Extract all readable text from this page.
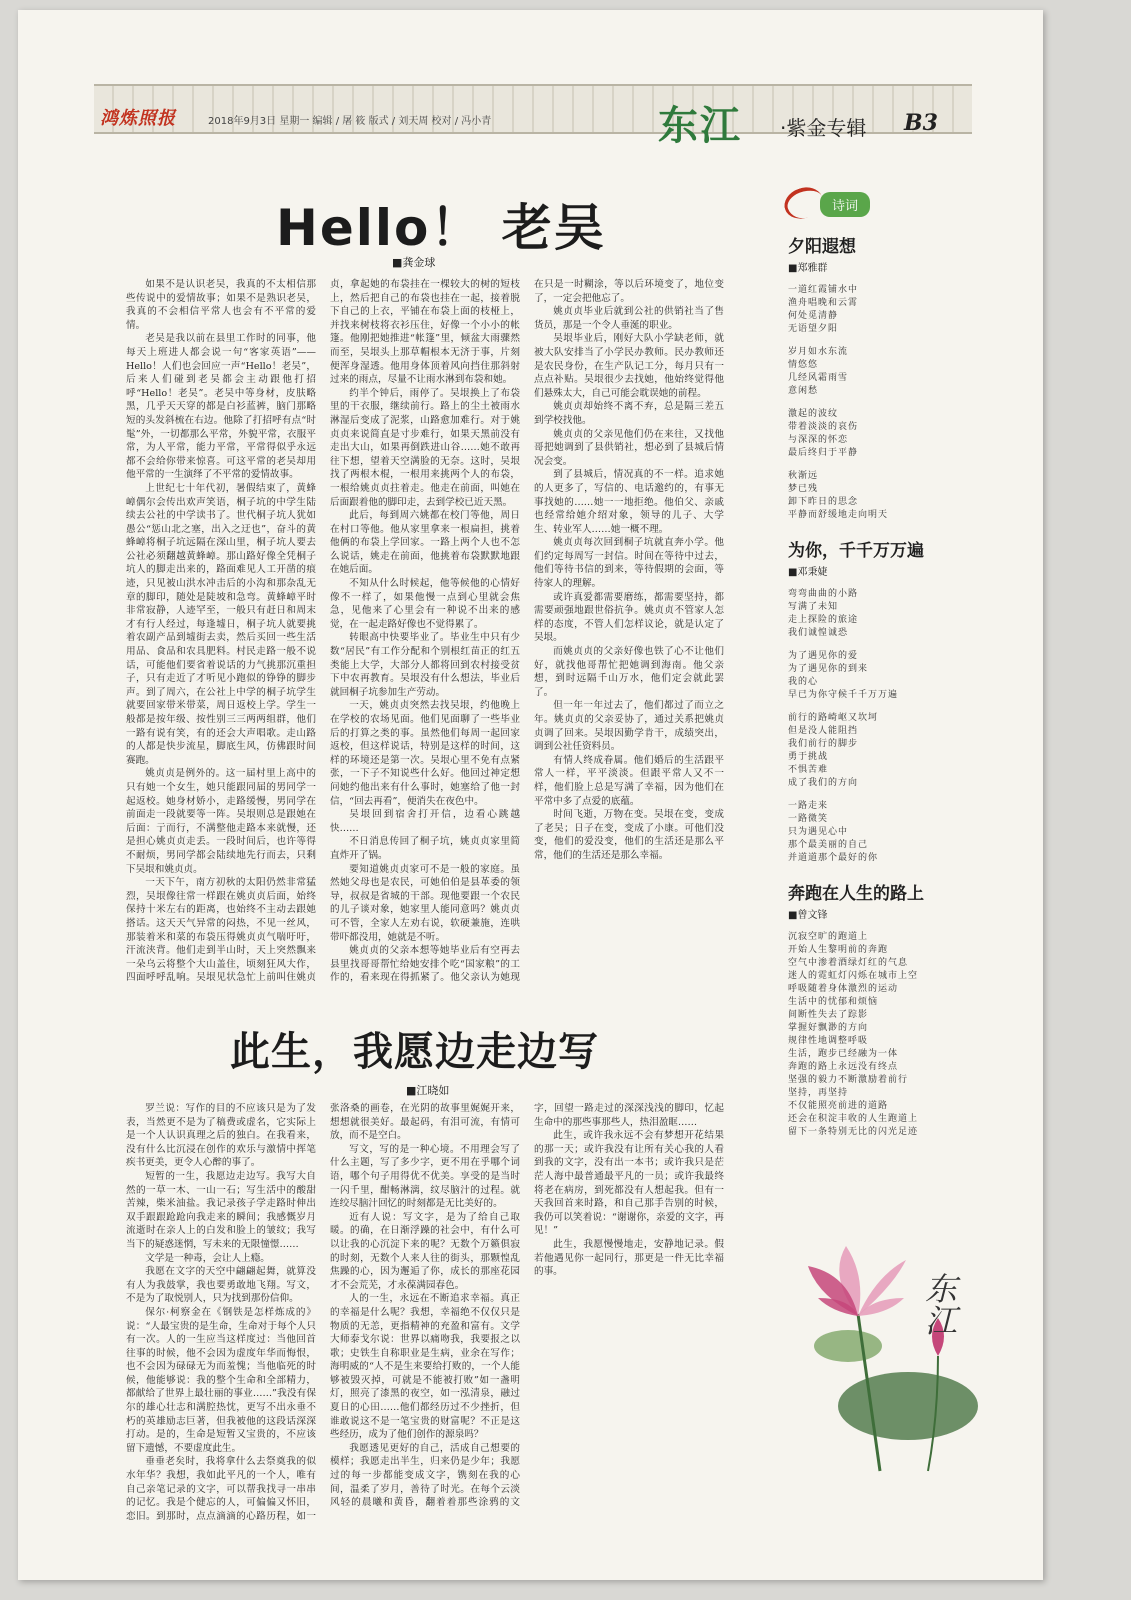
鸿炼照报	2018年9月3日 星期一 编辑 / 屠 筱 版式 / 刘天周 校对 / 冯小青	东江 ·紫金专辑 B3
诗词
Hello！ 老吴
■龚金球

如果不是认识老吴，我真的不太相信那些传说中的爱情故事；如果不是熟识老吴，我真的不会相信平常人也会有不平常的爱情。

老吴是我以前在县里工作时的同事，他每天上班进人都会说一句“客家英语”——Hello！人们也会回应一声“Hello！老吴”，后来人们碰到老吴都会主动跟他打招呼“Hello！老吴”。老吴中等身材，皮肤略黑，几乎天天穿的都是白衫蓝裤，脑门那略短的头发斜梳在右边。他除了打招呼有点“时髦”外，一切都那么平常，外貌平常，衣服平常，为人平常，能力平常，平常得似乎永远都不会给你带来惊喜。可这平常的老吴却用他平常的一生演绎了不平常的爱情故事。

上世纪七十年代初，暑假结束了，黄蜂嶂偶尔会传出欢声笑语，桐子坑的中学生陆续去公社的中学读书了。世代桐子坑人犹如愚公“惩山北之塞，出入之迂也”，奋斗的黄蜂嶂将桐子坑远隔在深山里，桐子坑人要去公社必须翻越黄蜂嶂。那山路好像全凭桐子坑人的脚走出来的，路面难见人工开凿的痕迹，只见被山洪水冲击后的小沟和那杂乱无章的脚印，随处是陡坡和急弯。黄蜂嶂平时非常寂静，人迹罕至，一般只有赶日和周末才有行人经过，每逢墟日，桐子坑人就要挑着农副产品到墟街去卖，然后买回一些生活用品、食品和农具肥料。村民走路一般不说话，可能他们要省着说话的力气挑那沉重担子，只有走近了才听见小跑似的铮铮的脚步声。到了周六，在公社上中学的桐子坑学生就要回家带米带菜，周日返校上学。学生一般都是按年级、按性别三三两两组群，他们一路有说有笑，有的还会大声唱歌。走山路的人都是快步流星，脚底生风，仿佛跟时间赛跑。

姚贞贞是例外的。这一届村里上高中的只有她一个女生，她只能跟同届的男同学一起返校。她身材娇小，走路缓慢，男同学在前面走一段就要等一阵。吴垠则总是跟她在后面：亍而行，不满整他走路本来就慢，还是担心姚贞贞走丢。一段时间后，也许等得不耐烦，男同学都会陆续地先行而去，只剩下吴垠和姚贞贞。

一天下午，南方初秋的太阳仍然非常猛烈，吴垠像往常一样跟在姚贞贞后面，始终保持十米左右的距离，也始终不主动去跟她搭话。这天天气异常的闷热，不见一丝风，那装着米和菜的布袋压得姚贞贞气喘吁吁，汗流浃背。他们走到半山时，天上突然飘来一朵乌云将整个大山盖住，顷刻狂风大作，四面呼呼乱响。吴垠见状急忙上前叫住姚贞贞，拿起她的布袋挂在一棵较大的树的短枝上，然后把自己的布袋也挂在一起，接着脱下自己的上衣，平铺在布袋上面的枝桠上，并找来树枝将衣衫压住，好像一个小小的帐篷。他刚把她推进“帐篷”里，倾盆大雨骤然而至，吴垠头上那草帽根本无济于事，片刻便浑身湿透。他用身体顶着风向挡住那斜射过来的雨点，尽量不让雨水淋到布袋和她。

约半个钟后，雨停了。吴垠换上了布袋里的干衣服，继续前行。路上的尘土被雨水淋湿后变成了泥浆，山路愈加难行。对于姚贞贞来说简直是寸步难行，如果天黑前没有走出大山，如果再倒跌进山谷……她不敢再往下想，望着天空满脸的无奈。这时，吴垠找了两根木棍，一根用来挑两个人的布袋，一根给姚贞贞拄着走。他走在前面，叫她在后面跟着他的脚印走，去到学校已近天黑。

此后，每到周六姚都在校门等他，周日在村口等他。他从家里拿来一根扁担，挑着他俩的布袋上学回家。一路上两个人也不怎么说话，姚走在前面，他挑着布袋默默地跟在她后面。

不知从什么时候起，他等候他的心情好像不一样了，如果他慢一点到心里就会焦急，见他来了心里会有一种说不出来的感觉，在一起走路好像也不觉得累了。

转眼高中快要毕业了。毕业生中只有少数“居民”有工作分配和个别根红苗正的红五类能上大学，大部分人都将回到农村接受贫下中农再教育。吴垠没有什么想法，毕业后就回桐子坑参加生产劳动。

一天，姚贞贞突然去找吴垠，约他晚上在学校的农场见面。他们见面聊了一些毕业后的打算之类的事。虽然他们每周一起回家返校，但这样说话，特别是这样的时间，这样的环境还是第一次。吴垠心里不免有点紧张，一下子不知说些什么好。他回过神定想问她约他出来有什么事时，她塞给了他一封信，“回去再看”，便消失在夜色中。

吴垠回到宿舍打开信，边看心跳越快……

不日消息传回了桐子坑，姚贞贞家里简直炸开了锅。

要知道姚贞贞家可不是一般的家庭。虽然她父母也是农民，可她伯伯是县革委的领导，叔叔是省城的干部。现他要跟一个农民的儿子谈对象，她家里人能同意吗？姚贞贞可不管，全家人左劝右说，软硬兼施，连哄带吓都没用，她就是不听。

姚贞贞的父亲本想等她毕业后有空再去县里找哥哥帮忙给她安排个吃“国家粮”的工作的，看来现在得抓紧了。他父亲认为她现在只是一时糊涂，等以后环境变了，地位变了，一定会把他忘了。

姚贞贞毕业后就到公社的供销社当了售货员，那是一个令人垂涎的职业。

吴垠毕业后，刚好大队小学缺老师，就被大队安排当了小学民办教师。民办教师还是农民身份，在生产队记工分，每月只有一点点补贴。吴垠很少去找她，他始终觉得他们悬殊太大，自己可能会耽误她的前程。

姚贞贞却始终不离不弃，总是隔三差五到学校找他。

姚贞贞的父亲见他们仍在来往，又找他哥把她调到了县供销社，想必到了县城后情况会变。

到了县城后，情况真的不一样。追求她的人更多了，写信的、电话邀约的，有事无事找她的……她一一地拒绝。他伯父、亲戚也经常给她介绍对象，领导的儿子、大学生、转业军人……她一概不理。

姚贞贞每次回到桐子坑就直奔小学。他们约定每周写一封信。时间在等待中过去，他们等待书信的到来，等待假期的会面，等待家人的理解。

或许真爱都需要磨练，都需要坚持，都需要顽强地跟世俗抗争。姚贞贞不管家人怎样的态度，不管人们怎样议论，就是认定了吴垠。

而姚贞贞的父亲好像也铁了心不让他们好，就找他哥帮忙把她调到海南。他父亲想，到时远隔千山万水，他们定会就此罢了。

但一年一年过去了，他们都过了而立之年。姚贞贞的父亲妥协了，通过关系把姚贞贞调了回来。吴垠因勤学肯干，成绩突出，调到公社任资料员。

有情人终成眷属。他们婚后的生活跟平常人一样，平平淡淡。但跟平常人又不一样，他们脸上总是写满了幸福，因为他们在平常中多了点爱的底蕴。

时间飞逝，万物在变。吴垠在变，变成了老吴；日子在变，变成了小康。可他们没变，他们的爱没变，他们的生活还是那么平常，他们的生活还是那么幸福。

此生，我愿边走边写
■江晓如

罗兰说：写作的目的不应该只是为了发表，当然更不是为了稿费或虚名，它实际上是一个人认识真理之后的独白。在我看来，没有什么比沉浸在创作的欢乐与激情中挥笔疾书更美，更令人心醉的事了。

短暂的一生，我愿边走边写。我写大自然的一草一木、一山一石；写生活中的酸甜苦辣，柴米油盐。我记录孩子学走路时伸出双手跟跟跄跄向我走来的瞬间；我感慨岁月流逝时在亲人上的白发和脸上的皱纹；我写当下的疑惑迷惘，写未来的无限憧憬……

文学是一种毒，会让人上瘾。

我愿在文字的天空中翩翩起舞，就算没有人为我鼓掌，我也要勇敢地飞翔。写文，不是为了取悦别人，只为找到那份信仰。

保尔·柯察金在《钢铁是怎样炼成的》说：“人最宝贵的是生命，生命对于每个人只有一次。人的一生应当这样度过：当他回首往事的时候，他不会因为虚度年华而悔恨，也不会因为碌碌无为而羞愧；当他临死的时候，他能够说：我的整个生命和全部精力，都献给了世界上最壮丽的事业……”我没有保尔的雄心壮志和满腔热忱，更写不出永垂不朽的英雄励志巨著，但我被他的这段话深深打动。是的，生命是短暂又宝贵的，不应该留下遗憾，不要虚度此生。

垂垂老矣时，我将拿什么去祭奠我的似水年华？我想，我如此平凡的一个人，唯有自己亲笔记录的文字，可以帮我找寻一串串的记忆。我是个健忘的人，可偏偏又怀旧，恋旧。到那时，点点滴滴的心路历程，如一张洛桑的画卷，在光阴的故事里娓娓开来，想想就很美好。最起码，有泪可流，有情可放，而不是空白。

写文，写的是一种心境。不用理会写了什么主题，写了多少字，更不用在乎哪个词语，哪个句子用得优不优美。享受的是当时一闪千里，酣畅淋漓，纹尽脑汁的过程。就连绞尽脑汁回忆的时刻都是无比美好的。

近有人说：写文字，是为了给自己取暖。的确，在日渐浮躁的社会中，有什么可以让我的心沉淀下来的呢？无数个万籁俱寂的时刻，无数个人来人往的街头，那颗惶乱焦躁的心，因为邂逅了你，成长的那座花园才不会荒芜，才永葆满园春色。

人的一生，永远在不断追求幸福。真正的幸福是什么呢？我想，幸福绝不仅仅只是物质的无恙，更指精神的充盈和富有。文学大师泰戈尔说：世界以痛吻我，我要报之以歌；史铁生自称职业是生病，业余在写作；海明威的“人不是生来要给打败的，一个人能够被毁灭掉，可就是不能被打败”如一盏明灯，照亮了漆黑的夜空，如一泓清泉，融过夏日的心田……他们都经历过不少挫折，但谁敢说这不是一笔宝贵的财富呢？不正是这些经历，成为了他们创作的源泉吗？

我愿透见更好的自己，活成自己想要的模样；我愿走出半生，归来仍是少年；我愿过的每一步都能变成文字，镌刻在我的心间，温柔了岁月，善待了时光。在每个云淡风轻的晨曦和黄昏，翻着着那些涂鸦的文字，回望一路走过的深深浅浅的脚印，忆起生命中的那些事那些人，热泪盈眶……

此生，或许我永远不会有梦想开花结果的那一天；或许我没有让所有关心我的人看到我的文字，没有出一本书；或许我只是茫茫人海中最普通最平凡的一员；或许我最终将老在病房，到死都没有人想起我。但有一天我回首来时路，和自己那手告别的时候，我仍可以笑着说：“谢谢你，亲爱的文字，再见！”

此生，我愿慢慢地走，安静地记录。假若他遇见你一起同行，那更是一件无比幸福的事。

夕阳遐想
■郑雅群
一道红霞铺水中
渔舟唱晚和云霄
何处觅清静
无语望夕阳
岁月如水东流
情悠悠
几经风霜雨雪
意闲愁
激起的波纹
带着淡淡的哀伤
与深深的怀恋
最后终归于平静
秋渐远
梦已残
卸下昨日的思念
平静而舒缓地走向明天
为你，千千万万遍
■邓秉婕
弯弯曲曲的小路
写满了未知
走上探险的旅途
我们诚惶诚恐
为了遇见你的爱
为了遇见你的到来
我的心
早已为你守候千千万万遍
前行的路崎岖又坎坷
但是没人能阻挡
我们前行的脚步
勇于挑战
不惧苦难
成了我们的方向
一路走来
一路微笑
只为遇见心中
那个最美丽的自己
并道道那个最好的你
奔跑在人生的路上
■曾文锋
沉寂空旷的跑道上
开始人生黎明前的奔跑
空气中渗着酒绿灯红的气息
迷人的霓虹灯闪烁在城市上空
呼吸随着身体激烈的运动
生活中的忧郁和烦恼
间断性失去了踪影
掌握好飘渺的方向
规律性地调整呼吸
生活，跑步已经融为一体
奔跑的路上永远没有终点
坚强的毅力不断激励着前行
坚持，再坚持
不仅能照亮前进的道路
还会在积淀丰收的人生跑道上
留下一条特别无比的闪光足迹
东江
